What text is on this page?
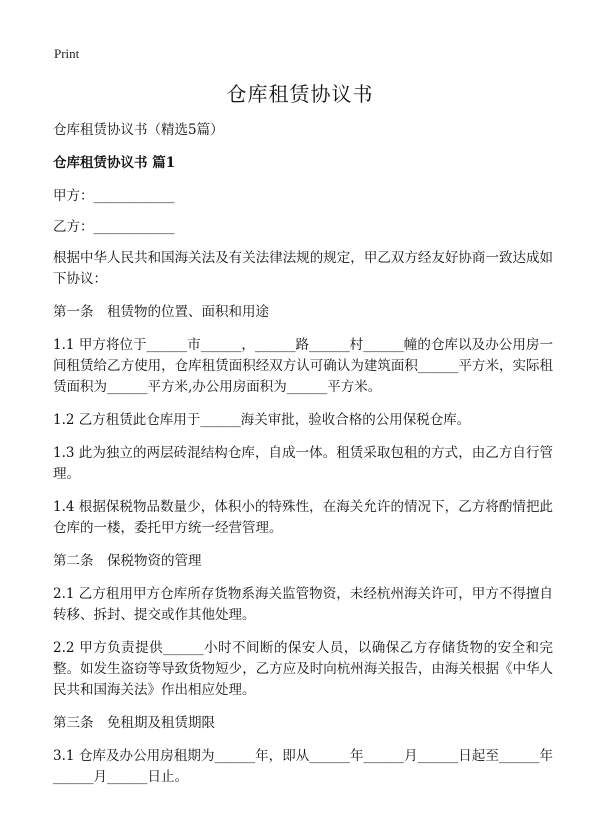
Print
仓库租赁协议书

仓库租赁协议书（精选5篇）

仓库租赁协议书 篇1

甲方：____________

乙方：____________

根据中华人民共和国海关法及有关法律法规的规定，甲乙双方经友好协商一致达成如下协议：

第一条　租赁物的位置、面积和用途

1.1 甲方将位于______市______，______路______村______幢的仓库以及办公用房一间租赁给乙方使用，仓库租赁面积经双方认可确认为建筑面积______平方米，实际租赁面积为______平方米,办公用房面积为______平方米。

1.2 乙方租赁此仓库用于______海关审批，验收合格的公用保税仓库。

1.3 此为独立的两层砖混结构仓库，自成一体。租赁采取包租的方式，由乙方自行管理。

1.4 根据保税物品数量少，体积小的特殊性，在海关允许的情况下，乙方将酌情把此仓库的一楼，委托甲方统一经营管理。

第二条　保税物资的管理

2.1 乙方租用甲方仓库所存货物系海关监管物资，未经杭州海关许可，甲方不得擅自转移、拆封、提交或作其他处理。

2.2 甲方负责提供______小时不间断的保安人员，以确保乙方存储货物的安全和完整。如发生盗窃等导致货物短少，乙方应及时向杭州海关报告，由海关根据《中华人民共和国海关法》作出相应处理。

第三条　免租期及租赁期限

3.1 仓库及办公用房租期为______年，即从______年______月______日起至______年______月______日止。
